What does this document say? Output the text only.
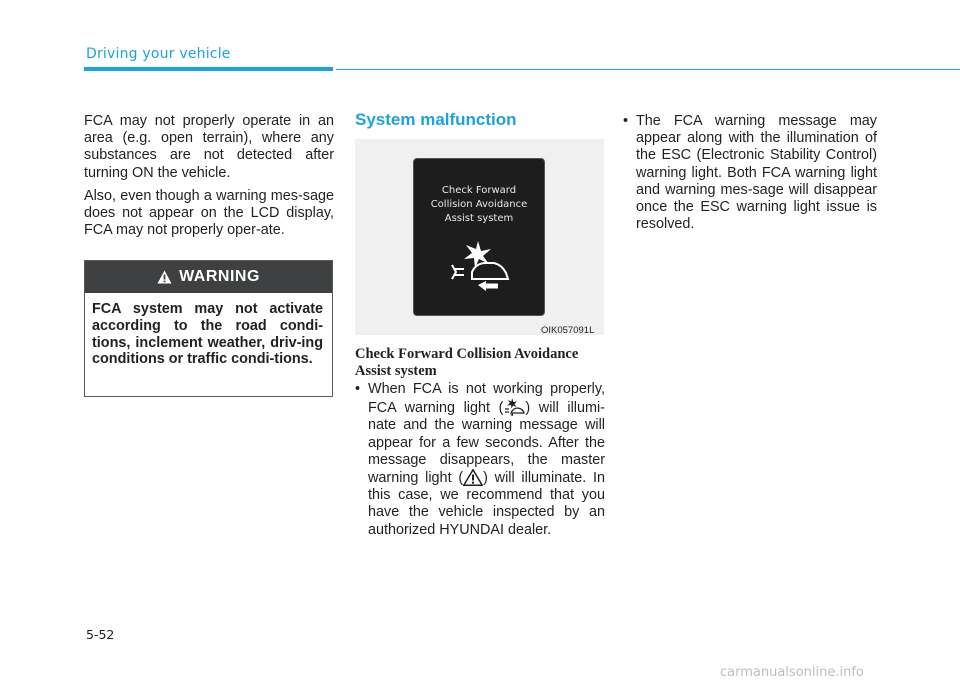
Driving your vehicle

FCA may not properly operate in an area (e.g. open terrain), where any substances are not detected after turning ON the vehicle.

Also, even though a warning mes-sage does not appear on the LCD display, FCA may not properly oper-ate.

WARNING
FCA system may not activate according to the road condi-tions, inclement weather, driv-ing conditions or traffic condi-tions.
System malfunction
Check Forward
Collision Avoidance
Assist system
OIK057091L
Check Forward Collision Avoidance Assist system
• When FCA is not working properly, FCA warning light ( ) will illumi-nate and the warning message will appear for a few seconds. After the message disappears, the master warning light ( ) will illuminate. In this case, we recommend that you have the vehicle inspected by an authorized HYUNDAI dealer.
• The FCA warning message may appear along with the illumination of the ESC (Electronic Stability Control) warning light. Both FCA warning light and warning mes-sage will disappear once the ESC warning light issue is resolved.
5-52
carmanualsonline.info
